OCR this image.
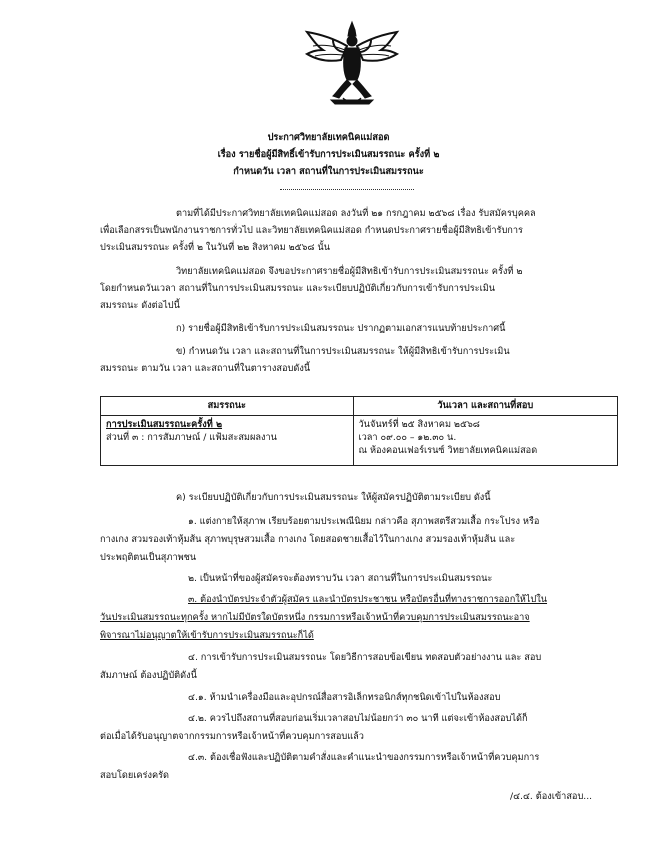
ประกาศวิทยาลัยเทคนิคแม่สอด
เรื่อง รายชื่อผู้มีสิทธิ์เข้ารับการประเมินสมรรถนะ ครั้งที่ ๒
กำหนดวัน เวลา สถานที่ในการประเมินสมรรถนะ
ตามที่ได้มีประกาศวิทยาลัยเทคนิคแม่สอด ลงวันที่ ๒๑ กรกฎาคม ๒๕๖๘ เรื่อง รับสมัครบุคคล
เพื่อเลือกสรรเป็นพนักงานราชการทั่วไป และวิทยาลัยเทคนิคแม่สอด กำหนดประกาศรายชื่อผู้มีสิทธิเข้ารับการ
ประเมินสมรรถนะ ครั้งที่ ๒ ในวันที่ ๒๒ สิงหาคม ๒๕๖๘ นั้น
วิทยาลัยเทคนิคแม่สอด จึงขอประกาศรายชื่อผู้มีสิทธิเข้ารับการประเมินสมรรถนะ ครั้งที่ ๒
โดยกำหนดวันเวลา สถานที่ในการประเมินสมรรถนะ และระเบียบปฏิบัติเกี่ยวกับการเข้ารับการประเมิน
สมรรถนะ ดังต่อไปนี้
ก) รายชื่อผู้มีสิทธิเข้ารับการประเมินสมรรถนะ ปรากฏตามเอกสารแนบท้ายประกาศนี้
ข) กำหนดวัน เวลา และสถานที่ในการประเมินสมรรถนะ ให้ผู้มีสิทธิเข้ารับการประเมิน
สมรรถนะ ตามวัน เวลา และสถานที่ในตารางสอบดังนี้
สมรรถนะ	วันเวลา และสถานที่สอบ

การประเมินสมรรถนะครั้งที่ ๒
ส่วนที่ ๓ : การสัมภาษณ์ / แฟ้มสะสมผลงาน	วันจันทร์ที่ ๒๕ สิงหาคม ๒๕๖๘
เวลา ๐๙.๐๐ – ๑๒.๓๐ น.
ณ ห้องคอนเฟอร์เรนซ์ วิทยาลัยเทคนิคแม่สอด
ค) ระเบียบปฏิบัติเกี่ยวกับการประเมินสมรรถนะ ให้ผู้สมัครปฏิบัติตามระเบียบ ดังนี้
๑. แต่งกายให้สุภาพ เรียบร้อยตามประเพณีนิยม กล่าวคือ สุภาพสตรีสวมเสื้อ กระโปรง หรือ
กางเกง สวมรองเท้าหุ้มส้น สุภาพบุรุษสวมเสื้อ กางเกง โดยสอดชายเสื้อไว้ในกางเกง สวมรองเท้าหุ้มส้น และ
ประพฤติตนเป็นสุภาพชน
๒. เป็นหน้าที่ของผู้สมัครจะต้องทราบวัน เวลา สถานที่ในการประเมินสมรรถนะ
๓. ต้องนำบัตรประจำตัวผู้สมัคร และนำบัตรประชาชน หรือบัตรอื่นที่ทางราชการออกให้ไปใน
วันประเมินสมรรถนะทุกครั้ง หากไม่มีบัตรใดบัตรหนึ่ง กรรมการหรือเจ้าหน้าที่ควบคุมการประเมินสมรรถนะอาจ
พิจารณาไม่อนุญาตให้เข้ารับการประเมินสมรรถนะก็ได้
๔. การเข้ารับการประเมินสมรรถนะ โดยวิธีการสอบข้อเขียน ทดสอบตัวอย่างงาน และ สอบ
สัมภาษณ์ ต้องปฏิบัติดังนี้
๔.๑. ห้ามนำเครื่องมือและอุปกรณ์สื่อสารอิเล็กทรอนิกส์ทุกชนิดเข้าไปในห้องสอบ
๔.๒. ควรไปถึงสถานที่สอบก่อนเริ่มเวลาสอบไม่น้อยกว่า ๓๐ นาที แต่จะเข้าห้องสอบได้ก็
ต่อเมื่อได้รับอนุญาตจากกรรมการหรือเจ้าหน้าที่ควบคุมการสอบแล้ว
๔.๓. ต้องเชื่อฟังและปฏิบัติตามคำสั่งและคำแนะนำของกรรมการหรือเจ้าหน้าที่ควบคุมการ
สอบโดยเคร่งครัด
/๔.๔. ต้องเข้าสอบ...
